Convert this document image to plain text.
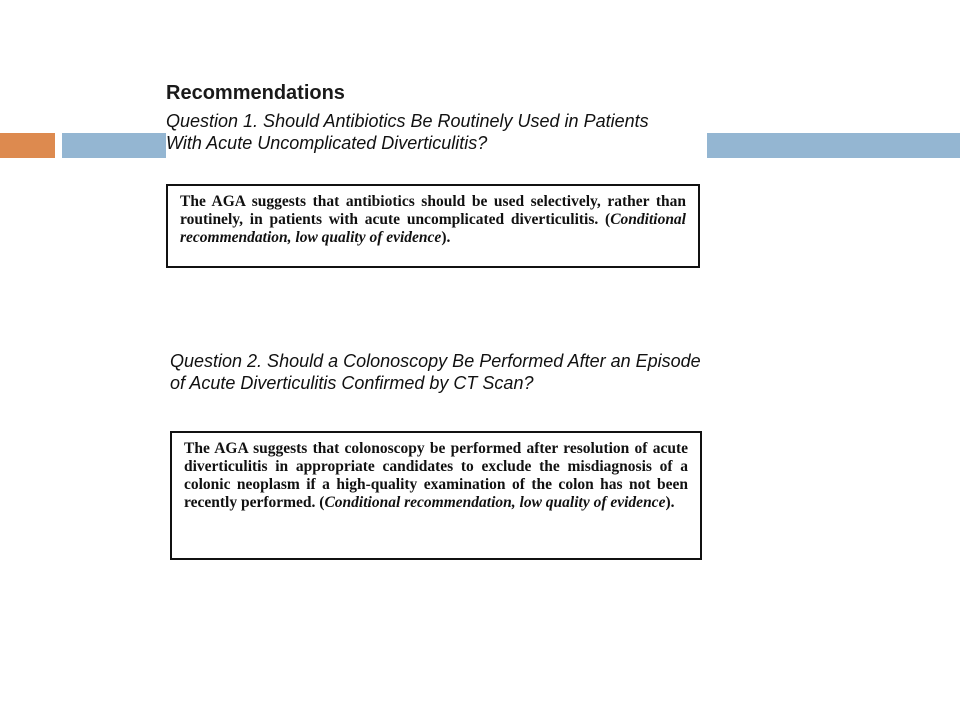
Recommendations

Question 1. Should Antibiotics Be Routinely Used in Patients With Acute Uncomplicated Diverticulitis?

The AGA suggests that antibiotics should be used selectively, rather than routinely, in patients with acute uncomplicated diverticulitis. (Conditional recommendation, low quality of evidence).

Question 2. Should a Colonoscopy Be Performed After an Episode of Acute Diverticulitis Confirmed by CT Scan?

The AGA suggests that colonoscopy be performed after resolution of acute diverticulitis in appropriate candidates to exclude the misdiagnosis of a colonic neoplasm if a high-quality examination of the colon has not been recently performed. (Conditional recommendation, low quality of evidence).
